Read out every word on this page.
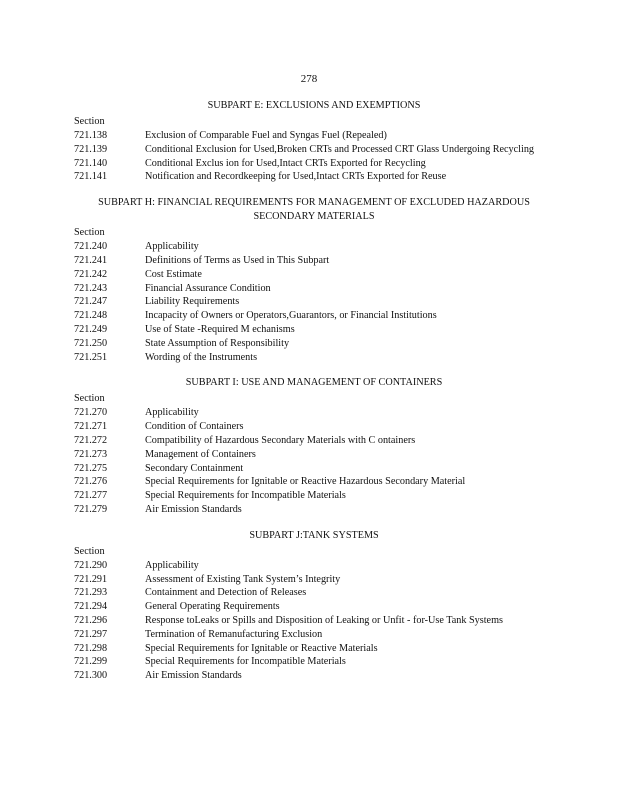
278
SUBPART E: EXCLUSIONS AND EXEMPTIONS
Section
721.138	Exclusion of Comparable Fuel and Syngas Fuel (Repealed)
721.139	Conditional Exclusion for Used,Broken CRTs and Processed CRT Glass Undergoing Recycling
721.140	Conditional Exclus ion for Used,Intact CRTs Exported for Recycling
721.141	Notification and Recordkeeping for Used,Intact CRTs Exported for Reuse
SUBPART H: FINANCIAL REQUIREMENTS FOR MANAGEMENT OF EXCLUDED HAZARDOUS SECONDARY MATERIALS
Section
721.240	Applicability
721.241	Definitions of Terms as Used in This Subpart
721.242	Cost Estimate
721.243	Financial Assurance Condition
721.247	Liability Requirements
721.248	Incapacity of Owners or Operators,Guarantors, or Financial Institutions
721.249	Use of State -Required M echanisms
721.250	State Assumption of Responsibility
721.251	Wording of the Instruments
SUBPART I: USE AND MANAGEMENT OF CONTAINERS
Section
721.270	Applicability
721.271	Condition of Containers
721.272	Compatibility of Hazardous Secondary Materials with C ontainers
721.273	Management of Containers
721.275	Secondary Containment
721.276	Special Requirements for Ignitable or Reactive Hazardous Secondary Material
721.277	Special Requirements for Incompatible Materials
721.279	Air Emission Standards
SUBPART J:TANK SYSTEMS
Section
721.290	Applicability
721.291	Assessment of Existing Tank System’s Integrity
721.293	Containment and Detection of Releases
721.294	General Operating Requirements
721.296	Response toLeaks or Spills and Disposition of Leaking or Unfit - for-Use Tank Systems
721.297	Termination of Remanufacturing Exclusion
721.298	Special Requirements for Ignitable or Reactive Materials
721.299	Special Requirements for Incompatible Materials
721.300	Air Emission Standards
